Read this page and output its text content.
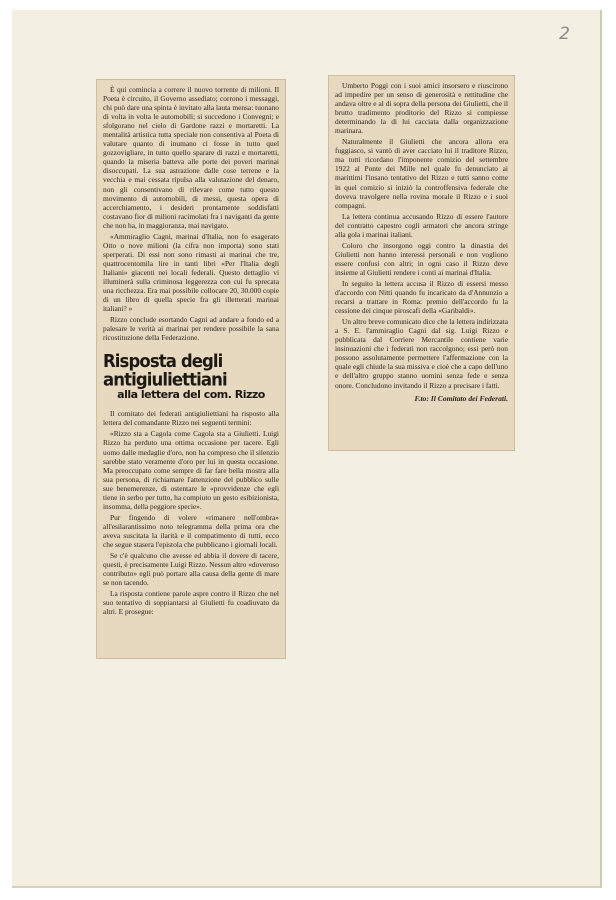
2

È qui comincia a correre il nuovo torrente di milioni. Il Poeta è circuito, il Governo assediato; corrono i messaggi, chi può dare una spinta è invitato alla lauta mensa: tuonano di volta in volta le automobili; si succedono i Convegni; e sfolgorano nel cielo di Gardone razzi e mortaretti. La mentalità artistica tutta speciale non consentiva al Poeta di valutare quanto di inumano ci fosse in tutto quel gozzovigliare, in tutto quello sparare di razzi e mortaretti, quando la miseria batteva alle porte dei poveri marinai disoccupati. La sua astrazione dalle cose terrene e la vecchia e mai cessata ripulsa alla valutazione del denaro, non gli consentivano di rilevare come tutto questo movimento di automobili, di messi, questa opera di accerchiamento, i desideri prontamente soddisfatti costavano fior di milioni racimolati fra i naviganti da gente che non ha, in maggioranza, mai navigato.

«Ammiraglio Cagni, marinai d'Italia, non fo esagerato Otto o nove milioni (la cifra non importa) sono stati sperperati. Di essi non sono rimasti ai marinai che tre, quattrocentomila lire in tanti libri «Per l'Italia degli Italiani» giacenti nei locali federali. Questo dettaglio vi illuminerà sulla criminosa leggerezza con cui fu sprecata una ricchezza. Era mai possibile collocare 20, 30.000 copie di un libro di quella specie fra gli illetterati marinai italiani? »

Rizzo conclude esortando Cagni ad andare a fondo ed a palesare le verità ai marinai per rendere possibile la sana ricostituzione della Federazione.

Risposta degli antigiuliettiani
alla lettera del com. Rizzo

Il comitato dei federati antigiuliettiani ha risposto alla lettera del comandante Rizzo nei seguenti termini:

«Rizzo sta a Cagola come Cagola sta a Giulietti. Luigi Rizzo ha perduto una ottima occasione per tacere. Egli uomo dalle medaglie d'oro, non ha compreso che il silenzio sarebbe stato veramente d'oro per lui in questa occasione. Ma preoccupato come sempre di far fare bella mostra alla sua persona, di richiamare l'attenzione del pubblico sulle sue benemerenze, di ostentare le «provvidenze che egli tiene in serbo per tutto, ha compiuto un gesto esibizionista, insomma, della peggiore specie».

Pur fingendo di volere «rimanere nell'ombra» all'esilarantissimo noto telegramma della prima ora che aveva suscitata la ilarità e il compatimento di tutti, ecco che segue stasera l'epistola che pubblicano i giornali locali.

Se c'è qualcuno che avesse ed abbia il dovere di tacere, questi, è precisamente Luigi Rizzo. Nessun altro «doveroso contributo» egli può portare alla causa della gente di mare se non tacendo.

La risposta contiene parole aspre contro il Rizzo che nel suo tentativo di soppiantarsi al Giulietti fu coadiuvato da altri. E prosegue:

Umberto Poggi con i suoi amici insorsero e riuscirono ad impedire per un senso di generosità e rettitudine che andava oltre e al di sopra della persona dei Giulietti, che il brutto tradimento proditorio del Rizzo si compiesse determinando la di lui cacciata dalla organizzazione marinara.

Naturalmente il Giulietti che ancora allora era fuggiasco, si vantò di aver cacciato lui il traditore Rizzo, ma tutti ricordano l'imponente comizio del settembre 1922 al Ponte dei Mille nel quale fu denunciato ai marittimi l'insano tentativo del Rizzo e tutti sanno come in quel comizio si iniziò la controffensiva federale che doveva travolgere nella rovina morale il Rizzo e i suoi compagni.

La lettera continua accusando Rizzo di essere l'autore del contratto capestro cogli armatori che ancora stringe alla gola i marinai italiani.

Coloro che insorgono oggi contro la dinastia dei Giulietti non hanno interessi personali e non vogliono essere confusi con altri; in ogni caso il Rizzo deve insieme al Giulietti rendere i conti ai marinai d'Italia.

In seguito la lettera accusa il Rizzo di essersi messo d'accordo con Nitti quando fu incaricato da d'Annunzio a recarsi a trattare in Roma: premio dell'accordo fu la cessione dei cinque piroscafi della «Garibaldi».

Un altro breve comunicato dice che la lettera indirizzata a S. E. l'ammiraglio Cagni dal sig. Luigi Rizzo e pubblicata dal Corriere Mercantile contiene varie insinuazioni che i federati non raccolgono; essi però non possono assolutamente permettere l'affermazione con la quale egli chiude la sua missiva e cioè che a capo dell'uno e dell'altro gruppo stanno uomini senza fede e senza onore. Concludono invitando il Rizzo a precisare i fatti.

F.to: Il Comitato dei Federati.
